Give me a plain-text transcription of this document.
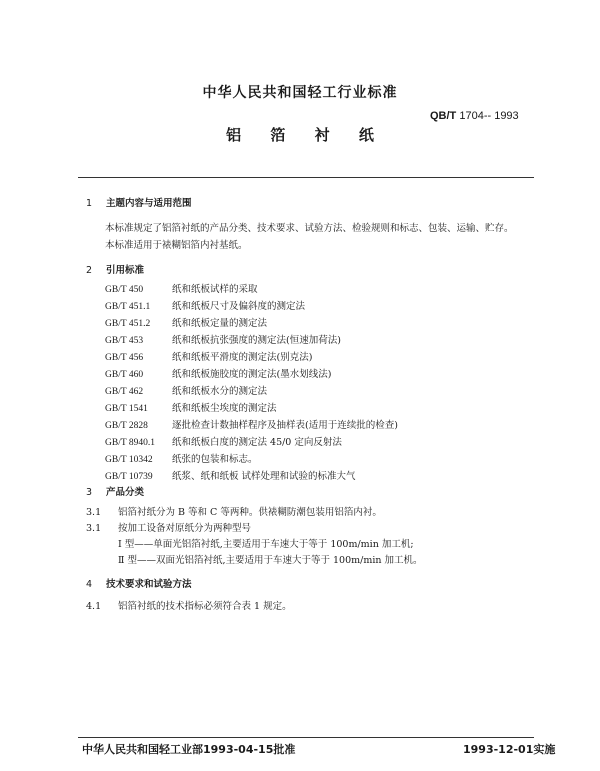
中华人民共和国轻工行业标准
QB/T 1704-- 1993
铝 箔 衬 纸
1 主题内容与适用范围
本标准规定了铝箔衬纸的产品分类、技术要求、试验方法、检验规则和标志、包装、运输、贮存。
本标准适用于裱糊铝箔内衬基纸。
2 引用标准
GB/T 450	纸和纸板试样的采取
GB/T 451.1 纸和纸板尺寸及偏斜度的测定法
GB/T 451.2 纸和纸板定量的测定法
GB/T 453	纸和纸板抗张强度的测定法(恒速加荷法)
GB/T 456	纸和纸板平滑度的测定法(别克法)
GB/T 460	纸和纸板施胶度的测定法(墨水划线法)
GB/T 462	纸和纸板水分的测定法
GB/T 1541	纸和纸板尘埃度的测定法
GB/T 2828	逐批检查计数抽样程序及抽样表(适用于连续批的检查)
GB/T 8940.1 纸和纸板白度的测定法 45/0 定向反射法
GB/T 10342 纸张的包装和标志。
GB/T 10739 纸浆、纸和纸板 试样处理和试验的标准大气
3 产品分类
3.1 铝箔衬纸分为 B 等和 C 等两种。供裱糊防潮包装用铝箔内衬。
3.1 按加工设备对原纸分为两种型号
Ⅰ 型——单面光铝箔衬纸,主要适用于车速大于等于 100m/min 加工机;
Ⅱ 型——双面光铝箔衬纸,主要适用于车速大于等于 100m/min 加工机。
4 技术要求和试验方法
4.1 铝箔衬纸的技术指标必须符合表 1 规定。
中华人民共和国轻工业部1993-04-15批准	1993-12-01实施
